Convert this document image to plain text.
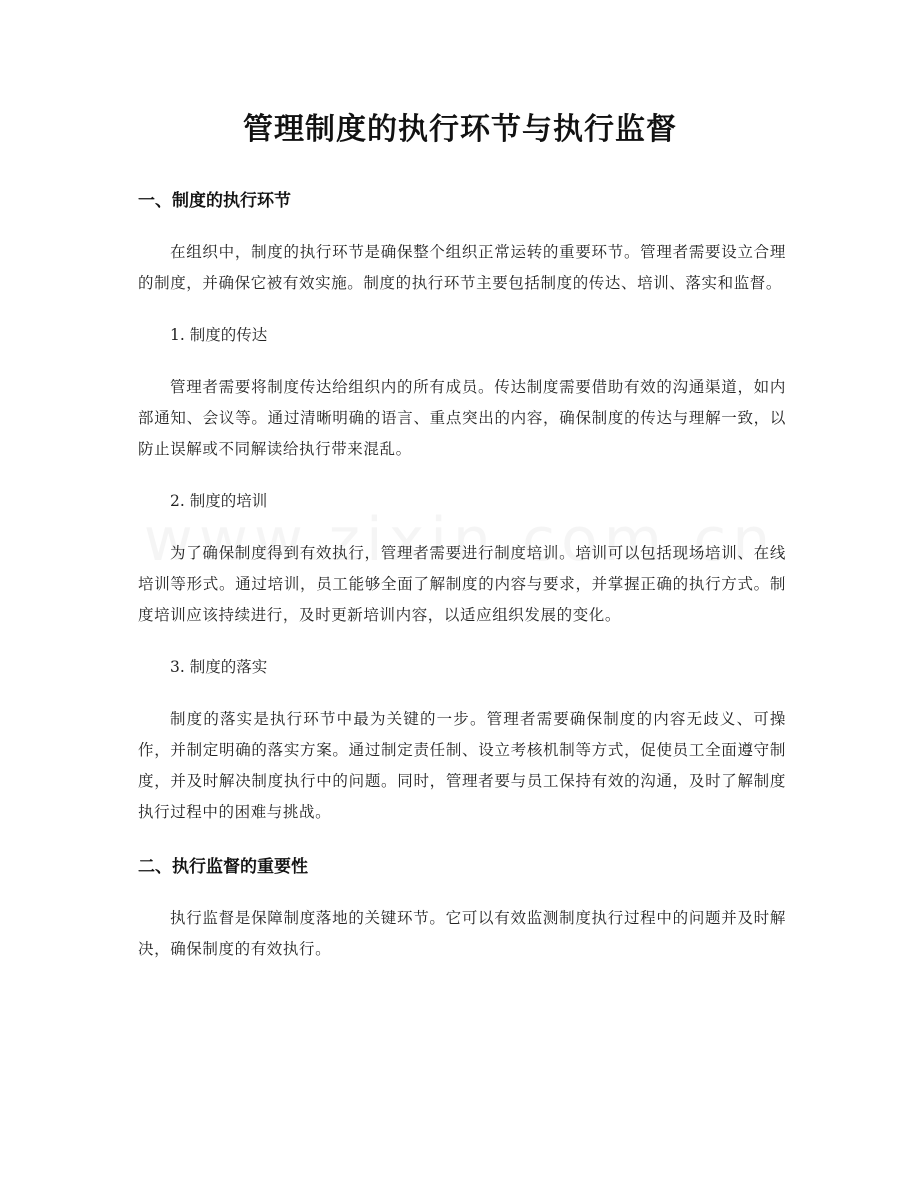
管理制度的执行环节与执行监督
一、制度的执行环节

在组织中，制度的执行环节是确保整个组织正常运转的重要环节。管理者需要设立合理的制度，并确保它被有效实施。制度的执行环节主要包括制度的传达、培训、落实和监督。

1. 制度的传达

管理者需要将制度传达给组织内的所有成员。传达制度需要借助有效的沟通渠道，如内部通知、会议等。通过清晰明确的语言、重点突出的内容，确保制度的传达与理解一致，以防止误解或不同解读给执行带来混乱。

2. 制度的培训

为了确保制度得到有效执行，管理者需要进行制度培训。培训可以包括现场培训、在线培训等形式。通过培训，员工能够全面了解制度的内容与要求，并掌握正确的执行方式。制度培训应该持续进行，及时更新培训内容，以适应组织发展的变化。

3. 制度的落实

制度的落实是执行环节中最为关键的一步。管理者需要确保制度的内容无歧义、可操作，并制定明确的落实方案。通过制定责任制、设立考核机制等方式，促使员工全面遵守制度，并及时解决制度执行中的问题。同时，管理者要与员工保持有效的沟通，及时了解制度执行过程中的困难与挑战。

二、执行监督的重要性

执行监督是保障制度落地的关键环节。它可以有效监测制度执行过程中的问题并及时解决，确保制度的有效执行。
